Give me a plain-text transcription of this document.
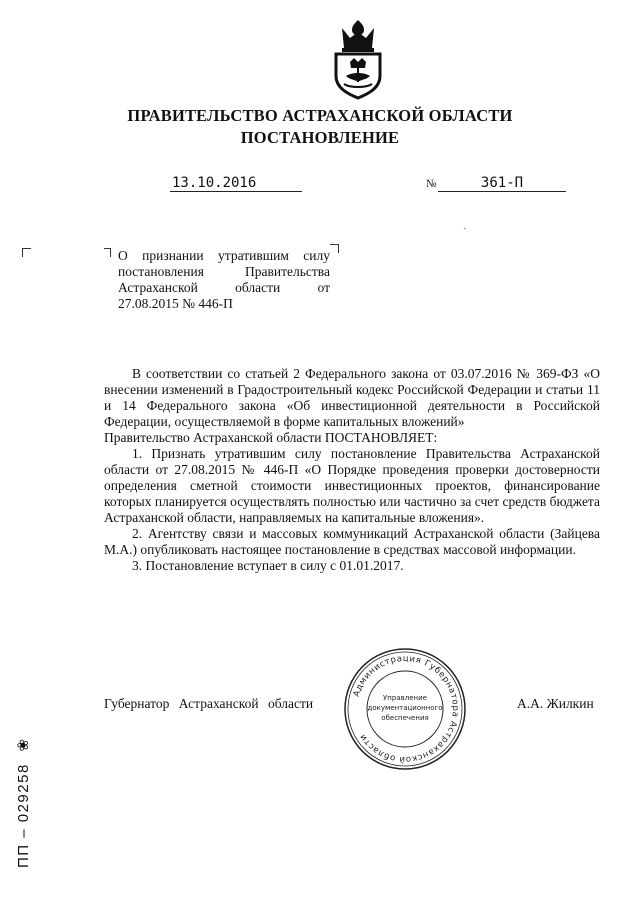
ПРАВИТЕЛЬСТВО АСТРАХАНСКОЙ ОБЛАСТИ
ПОСТАНОВЛЕНИЕ
13.10.2016	№	361-П
ˎ
О признании утратившим силу
постановления Правительства
Астраханской области от
27.08.2015 № 446-П

В соответствии со статьей 2 Федерального закона от 03.07.2016 № 369-ФЗ «О внесении изменений в Градостроительный кодекс Российской Федерации и статьи 11 и 14 Федерального закона «Об инвестиционной деятельности в Российской Федерации, осуществляемой в форме капитальных вложений»

Правительство Астраханской области ПОСТАНОВЛЯЕТ:

1. Признать утратившим силу постановление Правительства Астраханской области от 27.08.2015 № 446-П «О Порядке проведения проверки достоверности определения сметной стоимости инвестиционных проектов, финансирование которых планируется осуществлять полностью или частично за счет средств бюджета Астраханской области, направляемых на капитальные вложения».

2. Агентству связи и массовых коммуникаций Астраханской области (Зайцева М.А.) опубликовать настоящее постановление в средствах массовой информации.

3. Постановление вступает в силу с 01.01.2017.

Губернатор Астраханской области	А.А. Жилкин
Администрация Губернатора Астраханской области
Управление
документационного
обеспечения
ПП – 029258 ❀
